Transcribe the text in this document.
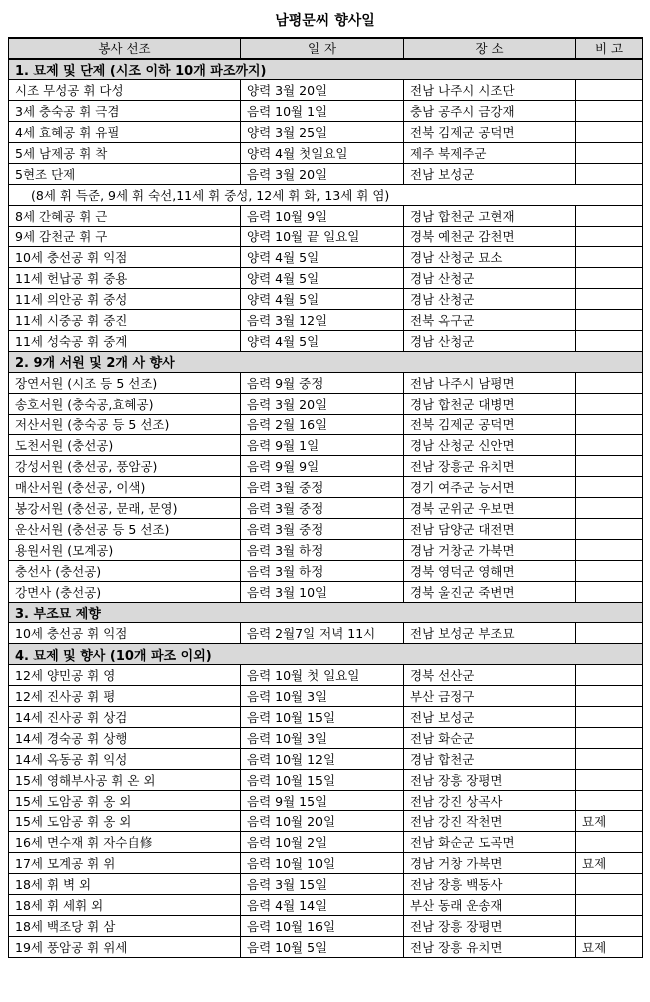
남평문씨 향사일
봉사 선조	일 자	장 소	비 고
1. 묘제 및 단제 (시조 이하 10개 파조까지)			
시조 무성공 휘 다성	양력 3월 20일	전남 나주시 시조단	
3세 충숙공 휘 극겸	음력 10월 1일	충남 공주시 금강재	
4세 효혜공 휘 유필	양력 3월 25일	전북 김제군 공덕면	
5세 남제공 휘 착	양력 4월 첫일요일	제주 북제주군	
5현조 단제	음력 3월 20일	전남 보성군	
(8세 휘 득준, 9세 휘 숙선,11세 휘 중성, 12세 휘 화, 13세 휘 염)			
8세 간혜공 휘 근	음력 10월 9일	경남 합천군 고현재	
9세 감천군 휘 구	양력 10월 끝 일요일	경북 예천군 감천면	
10세 충선공 휘 익점	양력 4월 5일	경남 산청군 묘소	
11세 헌납공 휘 중용	양력 4월 5일	경남 산청군	
11세 의안공 휘 중성	양력 4월 5일	경남 산청군	
11세 시중공 휘 중진	음력 3월 12일	전북 옥구군	
11세 성숙공 휘 중계	양력 4월 5일	경남 산청군	
2. 9개 서원 및 2개 사 향사			
장연서원 (시조 등 5 선조)	음력 9월 중정	전남 나주시 남평면	
송호서원 (충숙공,효혜공)	음력 3월 20일	경남 합천군 대병면	
저산서원 (충숙공 등 5 선조)	음력 2월 16일	전북 김제군 공덕면	
도천서원 (충선공)	음력 9월 1일	경남 산청군 신안면	
강성서원 (충선공, 풍암공)	음력 9월 9일	전남 장흥군 유치면	
매산서원 (충선공, 이색)	음력 3월 중정	경기 여주군 능서면	
봉강서원 (충선공, 문래, 문영)	음력 3월 중정	경북 군위군 우보면	
운산서원 (충선공 등 5 선조)	음력 3월 중정	전남 담양군 대전면	
용원서원 (모계공)	음력 3월 하정	경남 거창군 가북면	
충선사 (충선공)	음력 3월 하정	경북 영덕군 영해면	
강면사 (충선공)	음력 3월 10일	경북 울진군 죽변면	
3. 부조묘 제향			
10세 충선공 휘 익점	음력 2월7일 저녁 11시	전남 보성군 부조묘	
4. 묘제 및 향사 (10개 파조 이외)			
12세 양민공 휘 영	음력 10월 첫 일요일	경북 선산군	
12세 진사공 휘 평	음력 10월 3일	부산 금정구	
14세 진사공 휘 상검	음력 10월 15일	전남 보성군	
14세 경숙공 휘 상행	음력 10월 3일	전남 화순군	
14세 옥동공 휘 익성	음력 10월 12일	경남 합천군	
15세 영해부사공 휘 온 외	음력 10월 15일	전남 장흥 장평면	
15세 도암공 휘 옹 외	음력 9월 15일	전남 강진 상곡사	
15세 도암공 휘 옹 외	음력 10월 20일	전남 강진 작천면	묘제
16세 면수재 휘 자수自修	음력 10월 2일	전남 화순군 도곡면	
17세 모계공 휘 위	음력 10월 10일	경남 거창 가북면	묘제
18세 휘 벽 외	음력 3월 15일	전남 장흥 백동사	
18세 휘 세휘 외	음력 4월 14일	부산 동래 운송재	
18세 백조당 휘 삼	음력 10월 16일	전남 장흥 장평면	
19세 풍암공 휘 위세	음력 10월 5일	전남 장흥 유치면	묘제
